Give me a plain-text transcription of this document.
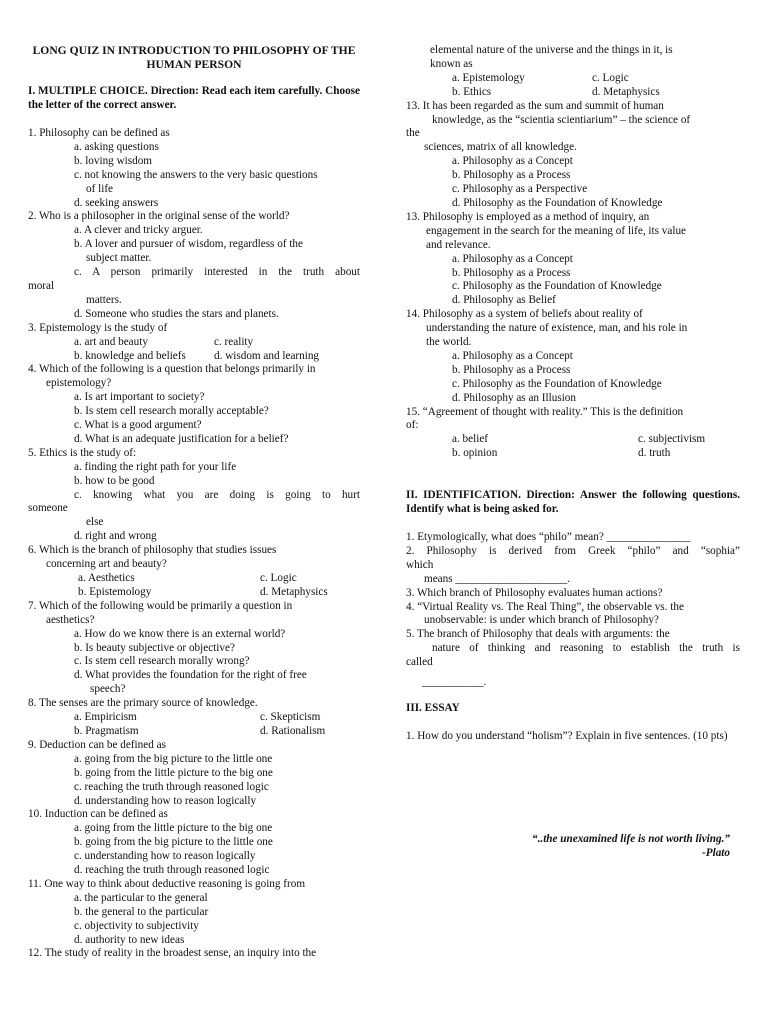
LONG QUIZ IN INTRODUCTION TO PHILOSOPHY OF THE HUMAN PERSON
I. MULTIPLE CHOICE. Direction: Read each item carefully. Choose the letter of the correct answer.

1. Philosophy can be defined as

a. asking questions

b. loving wisdom

c. not knowing the answers to the very basic questions

of life

d. seeking answers

2. Who is a philosopher in the original sense of the world?

a. A clever and tricky arguer.

b. A lover and pursuer of wisdom, regardless of the

subject matter.

c. A person primarily interested in the truth about

moral

matters.

d. Someone who studies the stars and planets.

3. Epistemology is the study of

a. art and beauty	c. reality
b. knowledge and beliefs	d. wisdom and learning

4. Which of the following is a question that belongs primarily in

epistemology?

a. Is art important to society?

b. Is stem cell research morally acceptable?

c. What is a good argument?

d. What is an adequate justification for a belief?

5. Ethics is the study of:

a. finding the right path for your life

b. how to be good

c. knowing what you are doing is going to hurt

someone

else

d. right and wrong

6. Which is the branch of philosophy that studies issues

concerning art and beauty?

a. Aesthetics	c. Logic
b. Epistemology	d. Metaphysics

7. Which of the following would be primarily a question in

aesthetics?

a. How do we know there is an external world?

b. Is beauty subjective or objective?

c. Is stem cell research morally wrong?

d. What provides the foundation for the right of free

speech?

8. The senses are the primary source of knowledge.

a. Empiricism	c. Skepticism
b. Pragmatism	d. Rationalism

9. Deduction can be defined as

a. going from the big picture to the little one

b. going from the little picture to the big one

c. reaching the truth through reasoned logic

d. understanding how to reason logically

10. Induction can be defined as

a. going from the little picture to the big one

b. going from the big picture to the little one

c. understanding how to reason logically

d. reaching the truth through reasoned logic

11. One way to think about deductive reasoning is going from

a. the particular to the general

b. the general to the particular

c. objectivity to subjectivity

d. authority to new ideas

12. The study of reality in the broadest sense, an inquiry into the

elemental nature of the universe and the things in it, is

known as

a. Epistemology	c. Logic
b. Ethics	d. Metaphysics

13. It has been regarded as the sum and summit of human

knowledge, as the “scientia scientiarium” – the science of

the

sciences, matrix of all knowledge.

a. Philosophy as a Concept

b. Philosophy as a Process

c. Philosophy as a Perspective

d. Philosophy as the Foundation of Knowledge

13. Philosophy is employed as a method of inquiry, an

engagement in the search for the meaning of life, its value

and relevance.

a. Philosophy as a Concept

b. Philosophy as a Process

c. Philosophy as the Foundation of Knowledge

d. Philosophy as Belief

14. Philosophy as a system of beliefs about reality of

understanding the nature of existence, man, and his role in

the world.

a. Philosophy as a Concept

b. Philosophy as a Process

c. Philosophy as the Foundation of Knowledge

d. Philosophy as an Illusion

15. “Agreement of thought with reality.” This is the definition

of:

a. belief	c. subjectivism
b. opinion	d. truth
II. IDENTIFICATION. Direction: Answer the following questions. Identify what is being asked for.

1. Etymologically, what does “philo” mean? _______________

2. Philosophy is derived from Greek “philo” and “sophia”

which

means ____________________.

3. Which branch of Philosophy evaluates human actions?

4. “Virtual Reality vs. The Real Thing”, the observable vs. the

unobservable: is under which branch of Philosophy?

5. The branch of Philosophy that deals with arguments: the

nature of thinking and reasoning to establish the truth is

called

___________.

III. ESSAY

1. How do you understand “holism”? Explain in five sentences. (10 pts)

“..the unexamined life is not worth living.”
-Plato
